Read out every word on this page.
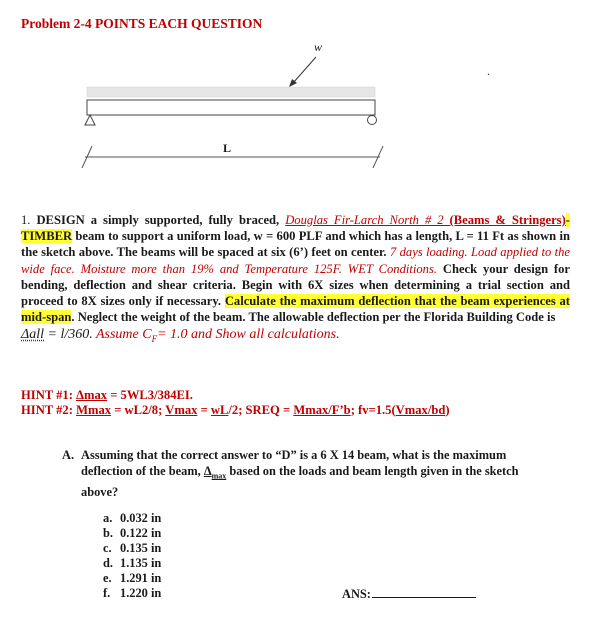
Problem 2-4 POINTS EACH QUESTION
w
L
.
1. DESIGN a simply supported, fully braced, Douglas Fir-Larch North # 2 (Beams & Stringers)- TIMBER beam to support a uniform load, w = 600 PLF and which has a length, L = 11 Ft as shown in the sketch above. The beams will be spaced at six (6’) feet on center. 7 days loading. Load applied to the wide face. Moisture more than 19% and Temperature 125F. WET Conditions. Check your design for bending, deflection and shear criteria. Begin with 6X sizes when determining a trial section and proceed to 8X sizes only if necessary. Calculate the maximum deflection that the beam experiences at mid-span. Neglect the weight of the beam. The allowable deflection per the Florida Building Code is
Δall = l/360. Assume $C_F= 1.0$ and Show all calculations.
HINT #1: Δmax = 5WL3/384EI.
HINT #2: Mmax = wL2/8; Vmax = wL/2; SREQ = Mmax/F’b; fv=1.5(Vmax/bd)
A. Assuming that the correct answer to “D” is a 6 X 14 beam, what is the maximum deflection of the beam, $\Delta_{max}$ based on the loads and beam length given in the sketch above?
a. 0.032 in
b. 0.122 in
c. 0.135 in
d. 1.135 in
e. 1.291 in
f. 1.220 in	ANS:
